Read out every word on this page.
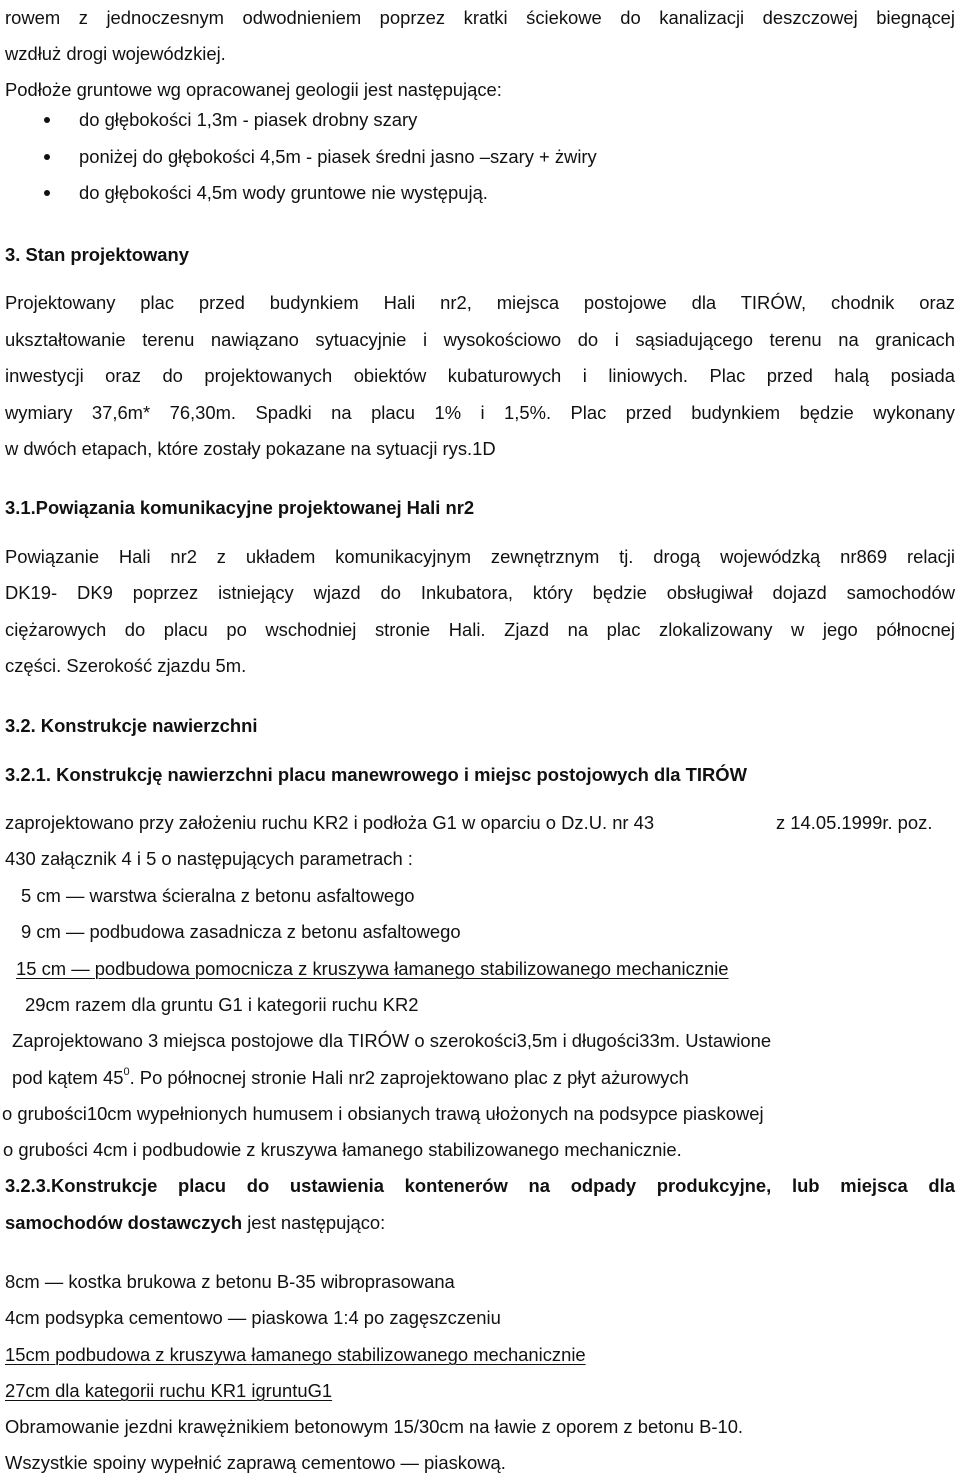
rowem z jednoczesnym odwodnieniem poprzez kratki ściekowe do kanalizacji deszczowej biegnącej
wzdłuż drogi wojewódzkiej.
Podłoże gruntowe wg opracowanej geologii jest następujące:
do głębokości 1,3m - piasek drobny szary
poniżej do głębokości 4,5m - piasek średni jasno –szary + żwiry
do głębokości 4,5m wody gruntowe nie występują.
3. Stan projektowany
Projektowany plac przed budynkiem Hali nr2, miejsca postojowe dla TIRÓW, chodnik oraz
ukształtowanie terenu nawiązano sytuacyjnie i wysokościowo do i sąsiadującego terenu na granicach
inwestycji oraz do projektowanych obiektów kubaturowych i liniowych. Plac przed halą posiada
wymiary 37,6m* 76,30m. Spadki na placu 1% i 1,5%. Plac przed budynkiem będzie wykonany
w dwóch etapach, które zostały pokazane na sytuacji rys.1D
3.1.Powiązania komunikacyjne projektowanej Hali nr2
Powiązanie Hali nr2 z układem komunikacyjnym zewnętrznym tj. drogą wojewódzką nr869 relacji
DK19- DK9 poprzez istniejący wjazd do Inkubatora, który będzie obsługiwał dojazd samochodów
ciężarowych do placu po wschodniej stronie Hali. Zjazd na plac zlokalizowany w jego północnej
części. Szerokość zjazdu 5m.
3.2. Konstrukcje nawierzchni
3.2.1. Konstrukcję nawierzchni placu manewrowego i miejsc postojowych dla TIRÓW
zaprojektowano przy założeniu ruchu KR2 i podłoża G1 w oparciu o Dz.U. nr 43	z 14.05.1999r. poz.
430 załącznik 4 i 5 o następujących parametrach :
5 cm — warstwa ścieralna z betonu asfaltowego
9 cm — podbudowa zasadnicza z betonu asfaltowego
15 cm — podbudowa pomocnicza z kruszywa łamanego stabilizowanego mechanicznie
29cm razem dla gruntu G1 i kategorii ruchu KR2
Zaprojektowano 3 miejsca postojowe dla TIRÓW o szerokości3,5m i długości33m. Ustawione
pod kątem $45^0$. Po północnej stronie Hali nr2 zaprojektowano plac z płyt ażurowych
o grubości10cm wypełnionych humusem i obsianych trawą ułożonych na podsypce piaskowej
o grubości 4cm i podbudowie z kruszywa łamanego stabilizowanego mechanicznie.
3.2.3.Konstrukcje placu do ustawienia kontenerów na odpady produkcyjne, lub miejsca dla
samochodów dostawczych jest następująco:
8cm — kostka brukowa z betonu B-35 wibroprasowana
4cm podsypka cementowo — piaskowa 1:4 po zagęszczeniu
15cm podbudowa z kruszywa łamanego stabilizowanego mechanicznie
27cm dla kategorii ruchu KR1 igruntuG1
Obramowanie jezdni krawężnikiem betonowym 15/30cm na ławie z oporem z betonu B-10.
Wszystkie spoiny wypełnić zaprawą cementowo — piaskową.
